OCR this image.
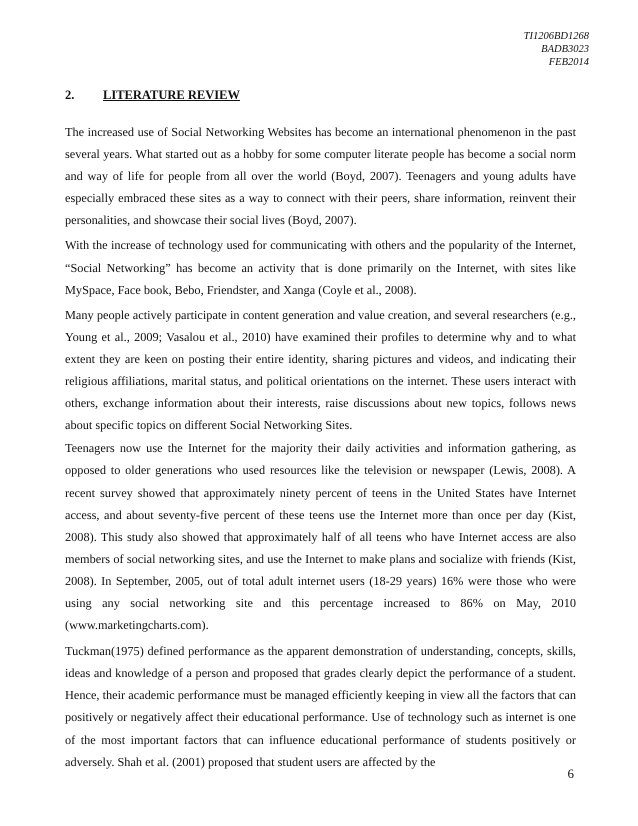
TI1206BD1268
BADB3023
FEB2014
2. LITERATURE REVIEW

The increased use of Social Networking Websites has become an international phenomenon in the past several years. What started out as a hobby for some computer literate people has become a social norm and way of life for people from all over the world (Boyd, 2007). Teenagers and young adults have especially embraced these sites as a way to connect with their peers, share information, reinvent their personalities, and showcase their social lives (Boyd, 2007).

With the increase of technology used for communicating with others and the popularity of the Internet, “Social Networking” has become an activity that is done primarily on the Internet, with sites like MySpace, Face book, Bebo, Friendster, and Xanga (Coyle et al., 2008).

Many people actively participate in content generation and value creation, and several researchers (e.g., Young et al., 2009; Vasalou et al., 2010) have examined their profiles to determine why and to what extent they are keen on posting their entire identity, sharing pictures and videos, and indicating their religious affiliations, marital status, and political orientations on the internet. These users interact with others, exchange information about their interests, raise discussions about new topics, follows news about specific topics on different Social Networking Sites.

Teenagers now use the Internet for the majority their daily activities and information gathering, as opposed to older generations who used resources like the television or newspaper (Lewis, 2008). A recent survey showed that approximately ninety percent of teens in the United States have Internet access, and about seventy-five percent of these teens use the Internet more than once per day (Kist, 2008). This study also showed that approximately half of all teens who have Internet access are also members of social networking sites, and use the Internet to make plans and socialize with friends (Kist, 2008). In September, 2005, out of total adult internet users (18-29 years) 16% were those who were using any social networking site and this percentage increased to 86% on May, 2010 (www.marketingcharts.com).

Tuckman(1975) defined performance as the apparent demonstration of understanding, concepts, skills, ideas and knowledge of a person and proposed that grades clearly depict the performance of a student. Hence, their academic performance must be managed efficiently keeping in view all the factors that can positively or negatively affect their educational performance. Use of technology such as internet is one of the most important factors that can influence educational performance of students positively or adversely. Shah et al. (2001) proposed that student users are affected by the

6
